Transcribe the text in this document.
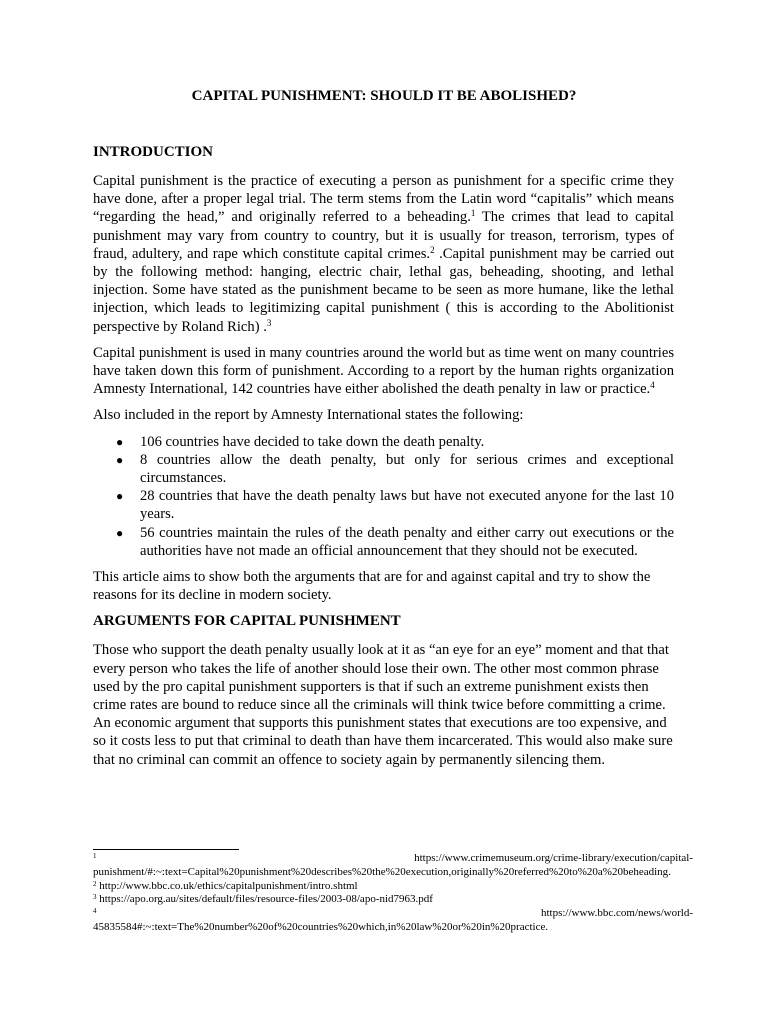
CAPITAL PUNISHMENT: SHOULD IT BE ABOLISHED?
INTRODUCTION

Capital punishment is the practice of executing a person as punishment for a specific crime they have done, after a proper legal trial. The term stems from the Latin word “capitalis” which means “regarding the head,” and originally referred to a beheading.$^1$ The crimes that lead to capital punishment may vary from country to country, but it is usually for treason, terrorism, types of fraud, adultery, and rape which constitute capital crimes.$^2$ .Capital punishment may be carried out by the following method: hanging, electric chair, lethal gas, beheading, shooting, and lethal injection. Some have stated as the punishment became to be seen as more humane, like the lethal injection, which leads to legitimizing capital punishment ( this is according to the Abolitionist perspective by Roland Rich) .$^3$

Capital punishment is used in many countries around the world but as time went on many countries have taken down this form of punishment. According to a report by the human rights organization Amnesty International, 142 countries have either abolished the death penalty in law or practice.$^4$

Also included in the report by Amnesty International states the following:

● 106 countries have decided to take down the death penalty.
● 8 countries allow the death penalty, but only for serious crimes and exceptional circumstances.
● 28 countries that have the death penalty laws but have not executed anyone for the last 10 years.
● 56 countries maintain the rules of the death penalty and either carry out executions or the authorities have not made an official announcement that they should not be executed.

This article aims to show both the arguments that are for and against capital and try to show the reasons for its decline in modern society.

ARGUMENTS FOR CAPITAL PUNISHMENT

Those who support the death penalty usually look at it as “an eye for an eye” moment and that that every person who takes the life of another should lose their own. The other most common phrase used by the pro capital punishment supporters is that if such an extreme punishment exists then crime rates are bound to reduce since all the criminals will think twice before committing a crime. An economic argument that supports this punishment states that executions are too expensive, and so it costs less to put that criminal to death than have them incarcerated. This would also make sure that no criminal can commit an offence to society again by permanently silencing them.

$^1$ https://www.crimemuseum.org/crime-library/execution/capital-punishment/#:~:text=Capital%20punishment%20describes%20the%20execution,originally%20referred%20to%20a%20beheading.

$^2$ http://www.bbc.co.uk/ethics/capitalpunishment/intro.shtml

$^3$ https://apo.org.au/sites/default/files/resource-files/2003-08/apo-nid7963.pdf

$^4$ https://www.bbc.com/news/world-45835584#:~:text=The%20number%20of%20countries%20which,in%20law%20or%20in%20practice.
